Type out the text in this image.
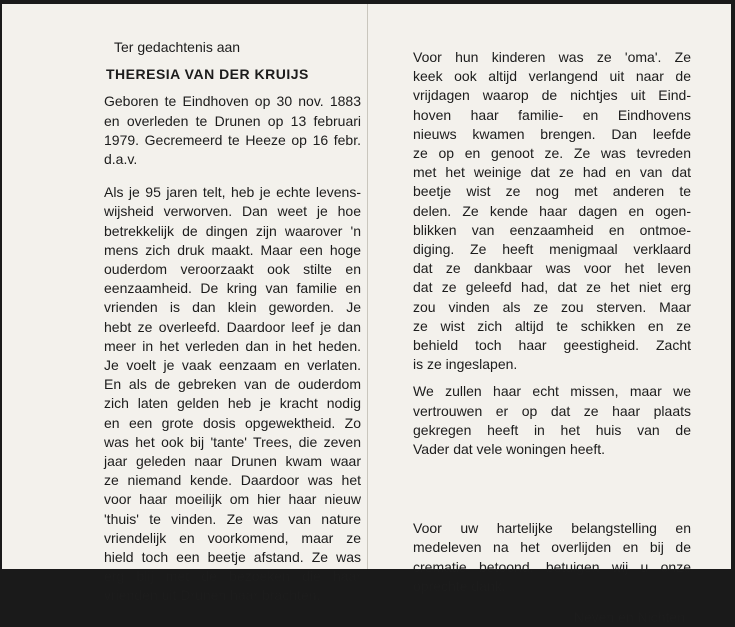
Ter gedachtenis aan
THERESIA VAN DER KRUIJS
Geboren te Eindhoven op 30 nov. 1883
en overleden te Drunen op 13 februari
1979. Gecremeerd te Heeze op 16 febr.
d.a.v.
Als je 95 jaren telt, heb je echte levens-
wijsheid verworven. Dan weet je hoe
betrekkelijk de dingen zijn waarover 'n
mens zich druk maakt. Maar een hoge
ouderdom veroorzaakt ook stilte en
eenzaamheid. De kring van familie en
vrienden is dan klein geworden. Je
hebt ze overleefd. Daardoor leef je dan
meer in het verleden dan in het heden.
Je voelt je vaak eenzaam en verlaten.
En als de gebreken van de ouderdom
zich laten gelden heb je kracht nodig
en een grote dosis opgewektheid. Zo
was het ook bij 'tante' Trees, die zeven
jaar geleden naar Drunen kwam waar
ze niemand kende. Daardoor was het
voor haar moeilijk om hier haar nieuw
'thuis' te vinden. Ze was van nature
vriendelijk en voorkomend, maar ze
hield toch een beetje afstand. Ze was
erg blij met de bezoeken die haar
vrienden uit Drunen haar brachten.
Voor hun kinderen was ze 'oma'. Ze
keek ook altijd verlangend uit naar de
vrijdagen waarop de nichtjes uit Eind-
hoven haar familie- en Eindhovens
nieuws kwamen brengen. Dan leefde
ze op en genoot ze. Ze was tevreden
met het weinige dat ze had en van dat
beetje wist ze nog met anderen te
delen. Ze kende haar dagen en ogen-
blikken van eenzaamheid en ontmoe-
diging. Ze heeft menigmaal verklaard
dat ze dankbaar was voor het leven
dat ze geleefd had, dat ze het niet erg
zou vinden als ze zou sterven. Maar
ze wist zich altijd te schikken en ze
behield toch haar geestigheid. Zacht
is ze ingeslapen.
We zullen haar echt missen, maar we
vertrouwen er op dat ze haar plaats
gekregen heeft in het huis van de
Vader dat vele woningen heeft.
Voor uw hartelijke belangstelling en
medeleven na het overlijden en bij de
crematie betoond, betuigen wij u onze
oprechte dank.
Neven en Nichten
